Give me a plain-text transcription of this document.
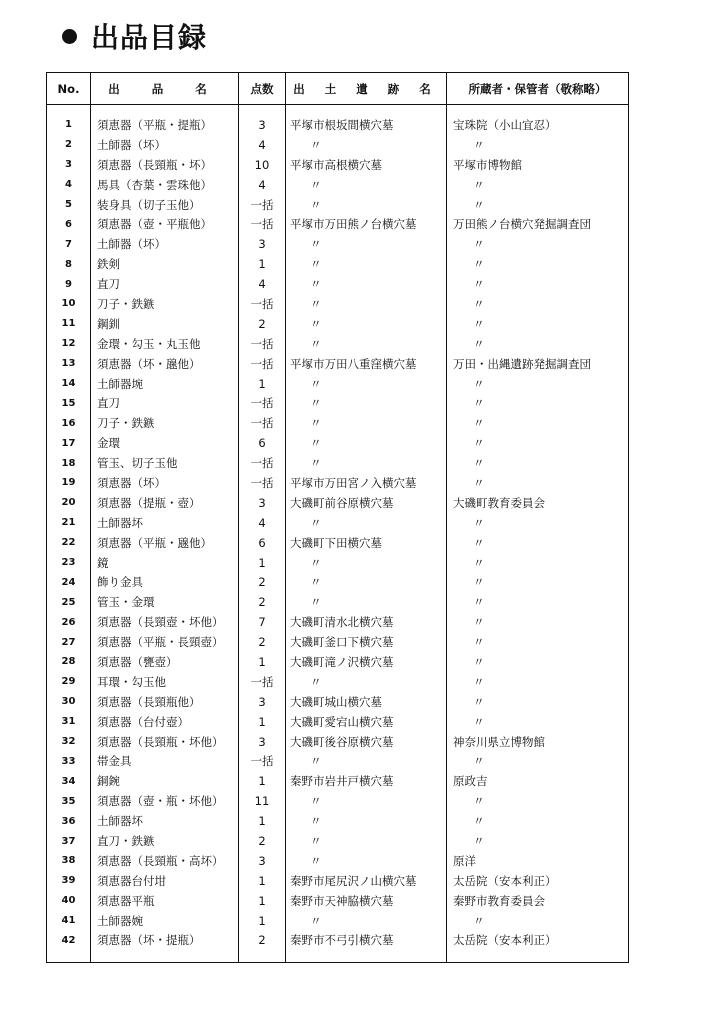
出品目録
No.	出 品 名	点数	出 土 遺 跡 名	所蔵者・保管者（敬称略）

1	須恵器（平瓶・提瓶）	3	平塚市根坂間横穴墓	宝珠院（小山宜忍）
2	土師器（坏）	4	〃	〃
3	須恵器（長頸瓶・坏）	10	平塚市高根横穴墓	平塚市博物館
4	馬具（杏葉・雲珠他）	4	〃	〃
5	装身具（切子玉他）	一括	〃	〃
6	須恵器（壺・平瓶他）	一括	平塚市万田熊ノ台横穴墓	万田熊ノ台横穴発掘調査団
7	土師器（坏）	3	〃	〃
8	鉄剣	1	〃	〃
9	直刀	4	〃	〃
10	刀子・鉄鏃	一括	〃	〃
11	鋼釧	2	〃	〃
12	金環・勾玉・丸玉他	一括	〃	〃
13	須恵器（坏・𤭯他）	一括	平塚市万田八重窪横穴墓	万田・出縄遺跡発掘調査団
14	土師器埦	1	〃	〃
15	直刀	一括	〃	〃
16	刀子・鉄鏃	一括	〃	〃
17	金環	6	〃	〃
18	管玉、切子玉他	一括	〃	〃
19	須恵器（坏）	一括	平塚市万田宮ノ入横穴墓	〃
20	須恵器（提瓶・壺）	3	大磯町前谷原横穴墓	大磯町教育委員会
21	土師器坏	4	〃	〃
22	須恵器（平瓶・𤭯他）	6	大磯町下田横穴墓	〃
23	鏡	1	〃	〃
24	飾り金具	2	〃	〃
25	管玉・金環	2	〃	〃
26	須恵器（長頸壺・坏他）	7	大磯町清水北横穴墓	〃
27	須恵器（平瓶・長頸壺）	2	大磯町釜口下横穴墓	〃
28	須恵器（甕壺）	1	大磯町滝ノ沢横穴墓	〃
29	耳環・勾玉他	一括	〃	〃
30	須恵器（長頸瓶他）	3	大磯町城山横穴墓	〃
31	須恵器（台付壺）	1	大磯町愛宕山横穴墓	〃
32	須恵器（長頸瓶・坏他）	3	大磯町後谷原横穴墓	神奈川県立博物館
33	帯金具	一括	〃	〃
34	銅鋺	1	秦野市岩井戸横穴墓	原政吉
35	須恵器（壺・瓶・坏他）	11	〃	〃
36	土師器坏	1	〃	〃
37	直刀・鉄鏃	2	〃	〃
38	須恵器（長頸瓶・高坏）	3	〃	原洋
39	須恵器台付坩	1	秦野市尾尻沢ノ山横穴墓	太岳院（安本利正）
40	須恵器平瓶	1	秦野市天神脇横穴墓	秦野市教育委員会
41	土師器婉	1	〃	〃
42	須恵器（坏・提瓶）	2	秦野市不弓引横穴墓	太岳院（安本利正）
